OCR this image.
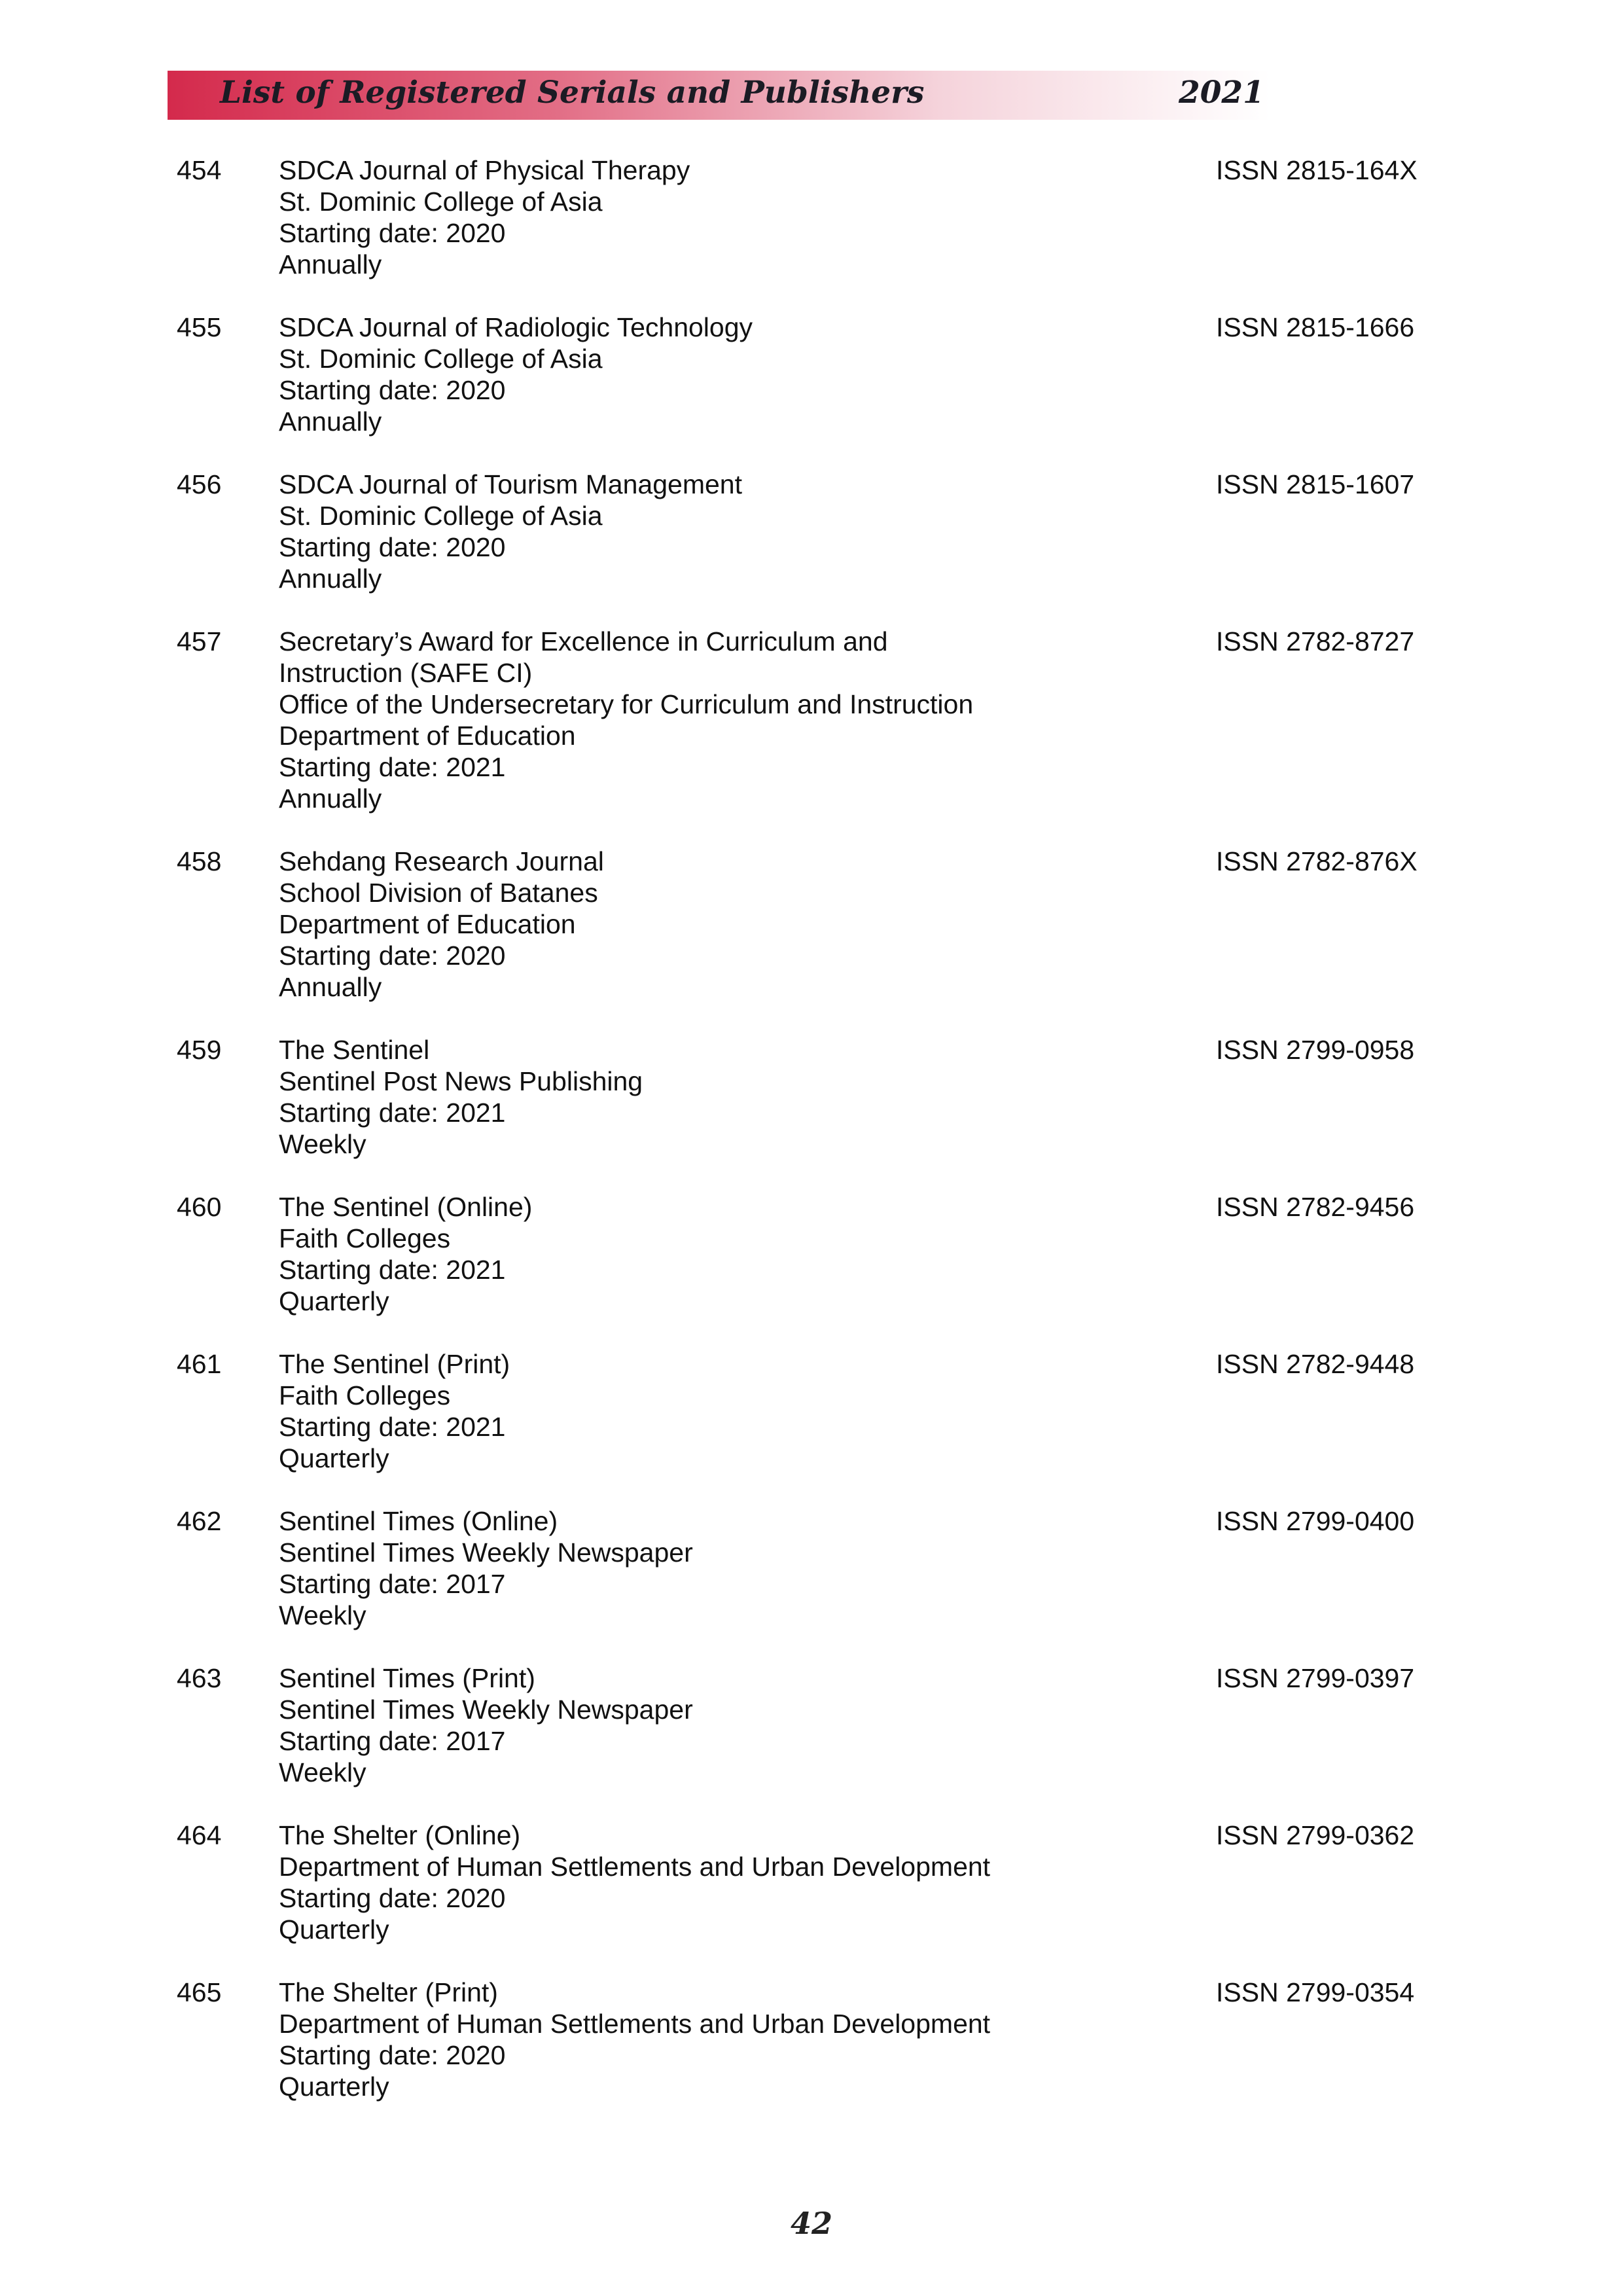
List of Registered Serials and Publishers	2021
454 SDCA Journal of Physical Therapy
St. Dominic College of Asia
Starting date: 2020
Annually
ISSN 2815-164X
455 SDCA Journal of Radiologic Technology
St. Dominic College of Asia
Starting date: 2020
Annually
ISSN 2815-1666
456 SDCA Journal of Tourism Management
St. Dominic College of Asia
Starting date: 2020
Annually
ISSN 2815-1607
457 Secretary’s Award for Excellence in Curriculum and
Instruction (SAFE CI)
Office of the Undersecretary for Curriculum and Instruction
Department of Education
Starting date: 2021
Annually
ISSN 2782-8727
458 Sehdang Research Journal
School Division of Batanes
Department of Education
Starting date: 2020
Annually
ISSN 2782-876X
459 The Sentinel
Sentinel Post News Publishing
Starting date: 2021
Weekly
ISSN 2799-0958
460 The Sentinel (Online)
Faith Colleges
Starting date: 2021
Quarterly
ISSN 2782-9456
461 The Sentinel (Print)
Faith Colleges
Starting date: 2021
Quarterly
ISSN 2782-9448
462 Sentinel Times (Online)
Sentinel Times Weekly Newspaper
Starting date: 2017
Weekly
ISSN 2799-0400
463 Sentinel Times (Print)
Sentinel Times Weekly Newspaper
Starting date: 2017
Weekly
ISSN 2799-0397
464 The Shelter (Online)
Department of Human Settlements and Urban Development
Starting date: 2020
Quarterly
ISSN 2799-0362
465 The Shelter (Print)
Department of Human Settlements and Urban Development
Starting date: 2020
Quarterly
ISSN 2799-0354
42
